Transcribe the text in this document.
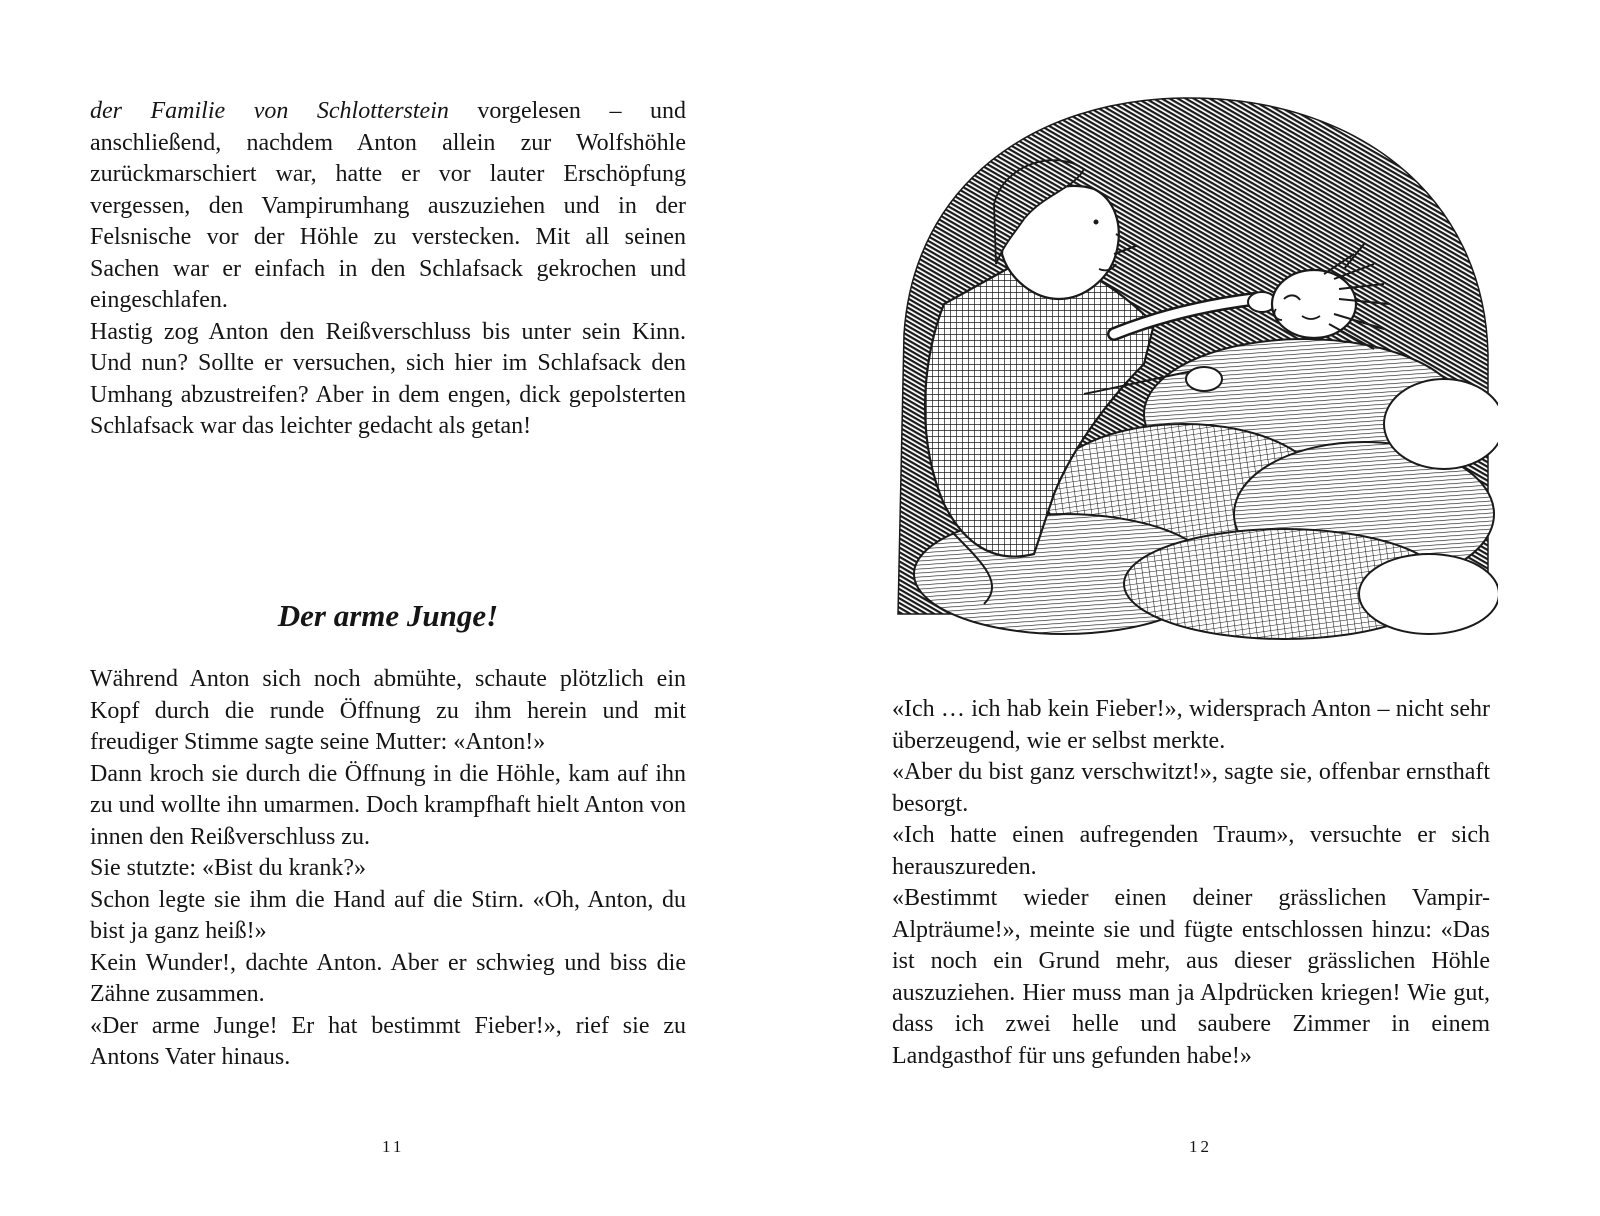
der Familie von Schlotterstein vorgelesen – und anschließend, nachdem Anton allein zur Wolfshöhle zurückmarschiert war, hatte er vor lauter Erschöpfung vergessen, den Vampirumhang auszuziehen und in der Felsnische vor der Höhle zu verstecken. Mit all seinen Sachen war er einfach in den Schlafsack gekrochen und eingeschlafen.

Hastig zog Anton den Reißverschluss bis unter sein Kinn. Und nun? Sollte er versuchen, sich hier im Schlafsack den Umhang abzustreifen? Aber in dem engen, dick gepolsterten Schlafsack war das leichter gedacht als getan!

Der arme Junge!

Während Anton sich noch abmühte, schaute plötzlich ein Kopf durch die runde Öffnung zu ihm herein und mit freudiger Stimme sagte seine Mutter: «Anton!»

Dann kroch sie durch die Öffnung in die Höhle, kam auf ihn zu und wollte ihn umarmen. Doch krampfhaft hielt Anton von innen den Reißverschluss zu.

Sie stutzte: «Bist du krank?»

Schon legte sie ihm die Hand auf die Stirn. «Oh, Anton, du bist ja ganz heiß!»

Kein Wunder!, dachte Anton. Aber er schwieg und biss die Zähne zusammen.

«Der arme Junge! Er hat bestimmt Fieber!», rief sie zu Antons Vater hinaus.

11

«Ich … ich hab kein Fieber!», widersprach Anton – nicht sehr überzeugend, wie er selbst merkte.

«Aber du bist ganz verschwitzt!», sagte sie, offenbar ernsthaft besorgt.

«Ich hatte einen aufregenden Traum», versuchte er sich herauszureden.

«Bestimmt wieder einen deiner grässlichen Vampir-Alpträume!», meinte sie und fügte entschlossen hinzu: «Das ist noch ein Grund mehr, aus dieser grässlichen Höhle auszuziehen. Hier muss man ja Alpdrücken kriegen! Wie gut, dass ich zwei helle und saubere Zimmer in einem Landgasthof für uns gefunden habe!»

12
